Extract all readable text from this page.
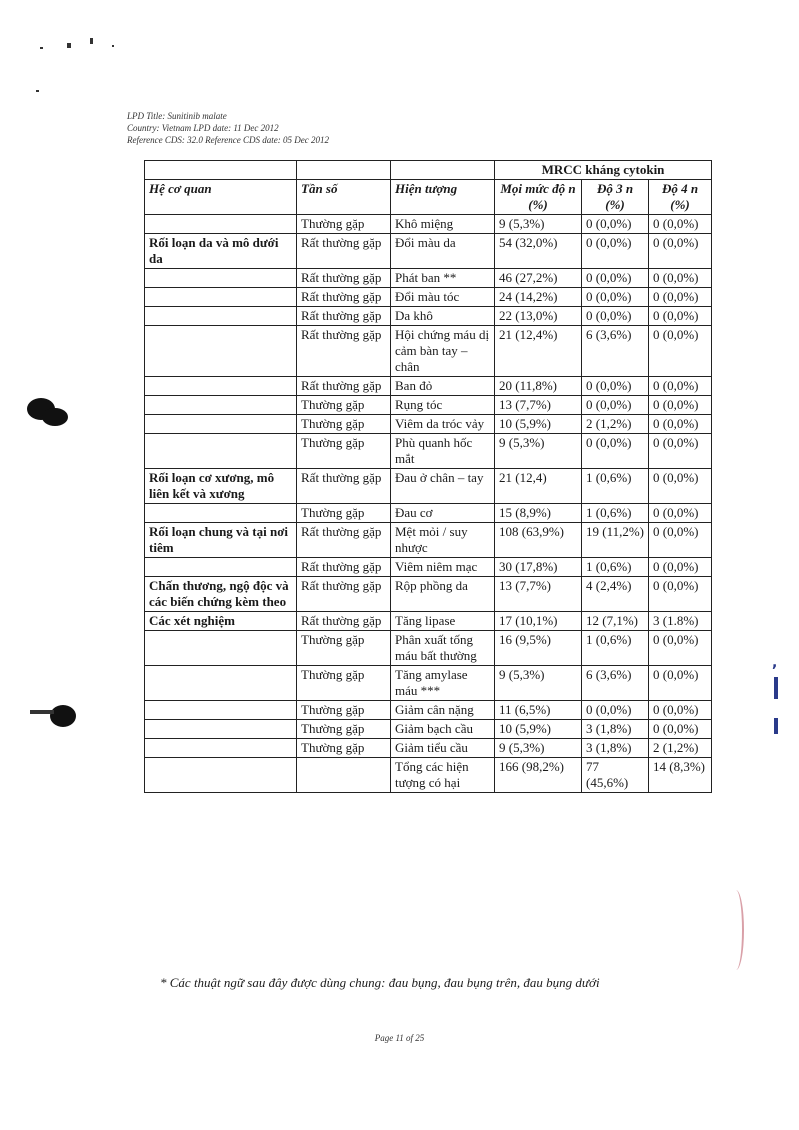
,
LPD Title: Sunitinib malate
Country: Vietnam LPD date: 11 Dec 2012
Reference CDS: 32.0 Reference CDS date: 05 Dec 2012
			MRCC kháng cytokin		
Hệ cơ quan	Tần số	Hiện tượng	Mọi mức độ n (%)	Độ 3 n (%)	Độ 4 n (%)
	Thường gặp	Khô miệng	9 (5,3%)	0 (0,0%)	0 (0,0%)
Rối loạn da và mô dưới da	Rất thường gặp	Đổi màu da	54 (32,0%)	0 (0,0%)	0 (0,0%)
	Rất thường gặp	Phát ban **	46 (27,2%)	0 (0,0%)	0 (0,0%)
	Rất thường gặp	Đổi màu tóc	24 (14,2%)	0 (0,0%)	0 (0,0%)
	Rất thường gặp	Da khô	22 (13,0%)	0 (0,0%)	0 (0,0%)
	Rất thường gặp	Hội chứng máu dị cảm bàn tay – chân	21 (12,4%)	6 (3,6%)	0 (0,0%)
	Rất thường gặp	Ban đỏ	20 (11,8%)	0 (0,0%)	0 (0,0%)
	Thường gặp	Rụng tóc	13 (7,7%)	0 (0,0%)	0 (0,0%)
	Thường gặp	Viêm da tróc vảy	10 (5,9%)	2 (1,2%)	0 (0,0%)
	Thường gặp	Phù quanh hốc mắt	9 (5,3%)	0 (0,0%)	0 (0,0%)
Rối loạn cơ xương, mô liên kết và xương	Rất thường gặp	Đau ở chân – tay	21 (12,4)	1 (0,6%)	0 (0,0%)
	Thường gặp	Đau cơ	15 (8,9%)	1 (0,6%)	0 (0,0%)
Rối loạn chung và tại nơi tiêm	Rất thường gặp	Mệt mỏi / suy nhược	108 (63,9%)	19 (11,2%)	0 (0,0%)
	Rất thường gặp	Viêm niêm mạc	30 (17,8%)	1 (0,6%)	0 (0,0%)
Chấn thương, ngộ độc và các biến chứng kèm theo	Rất thường gặp	Rộp phồng da	13 (7,7%)	4 (2,4%)	0 (0,0%)
Các xét nghiệm	Rất thường gặp	Tăng lipase	17 (10,1%)	12 (7,1%)	3 (1.8%)
	Thường gặp	Phân xuất tống máu bất thường	16 (9,5%)	1 (0,6%)	0 (0,0%)
	Thường gặp	Tăng amylase máu ***	9 (5,3%)	6 (3,6%)	0 (0,0%)
	Thường gặp	Giảm cân nặng	11 (6,5%)	0 (0,0%)	0 (0,0%)
	Thường gặp	Giảm bạch cầu	10 (5,9%)	3 (1,8%)	0 (0,0%)
	Thường gặp	Giảm tiểu cầu	9 (5,3%)	3 (1,8%)	2 (1,2%)
		Tổng các hiện tượng có hại	166 (98,2%)	77 (45,6%)	14 (8,3%)
* Các thuật ngữ sau đây được dùng chung: đau bụng, đau bụng trên, đau bụng dưới
Page 11 of 25
